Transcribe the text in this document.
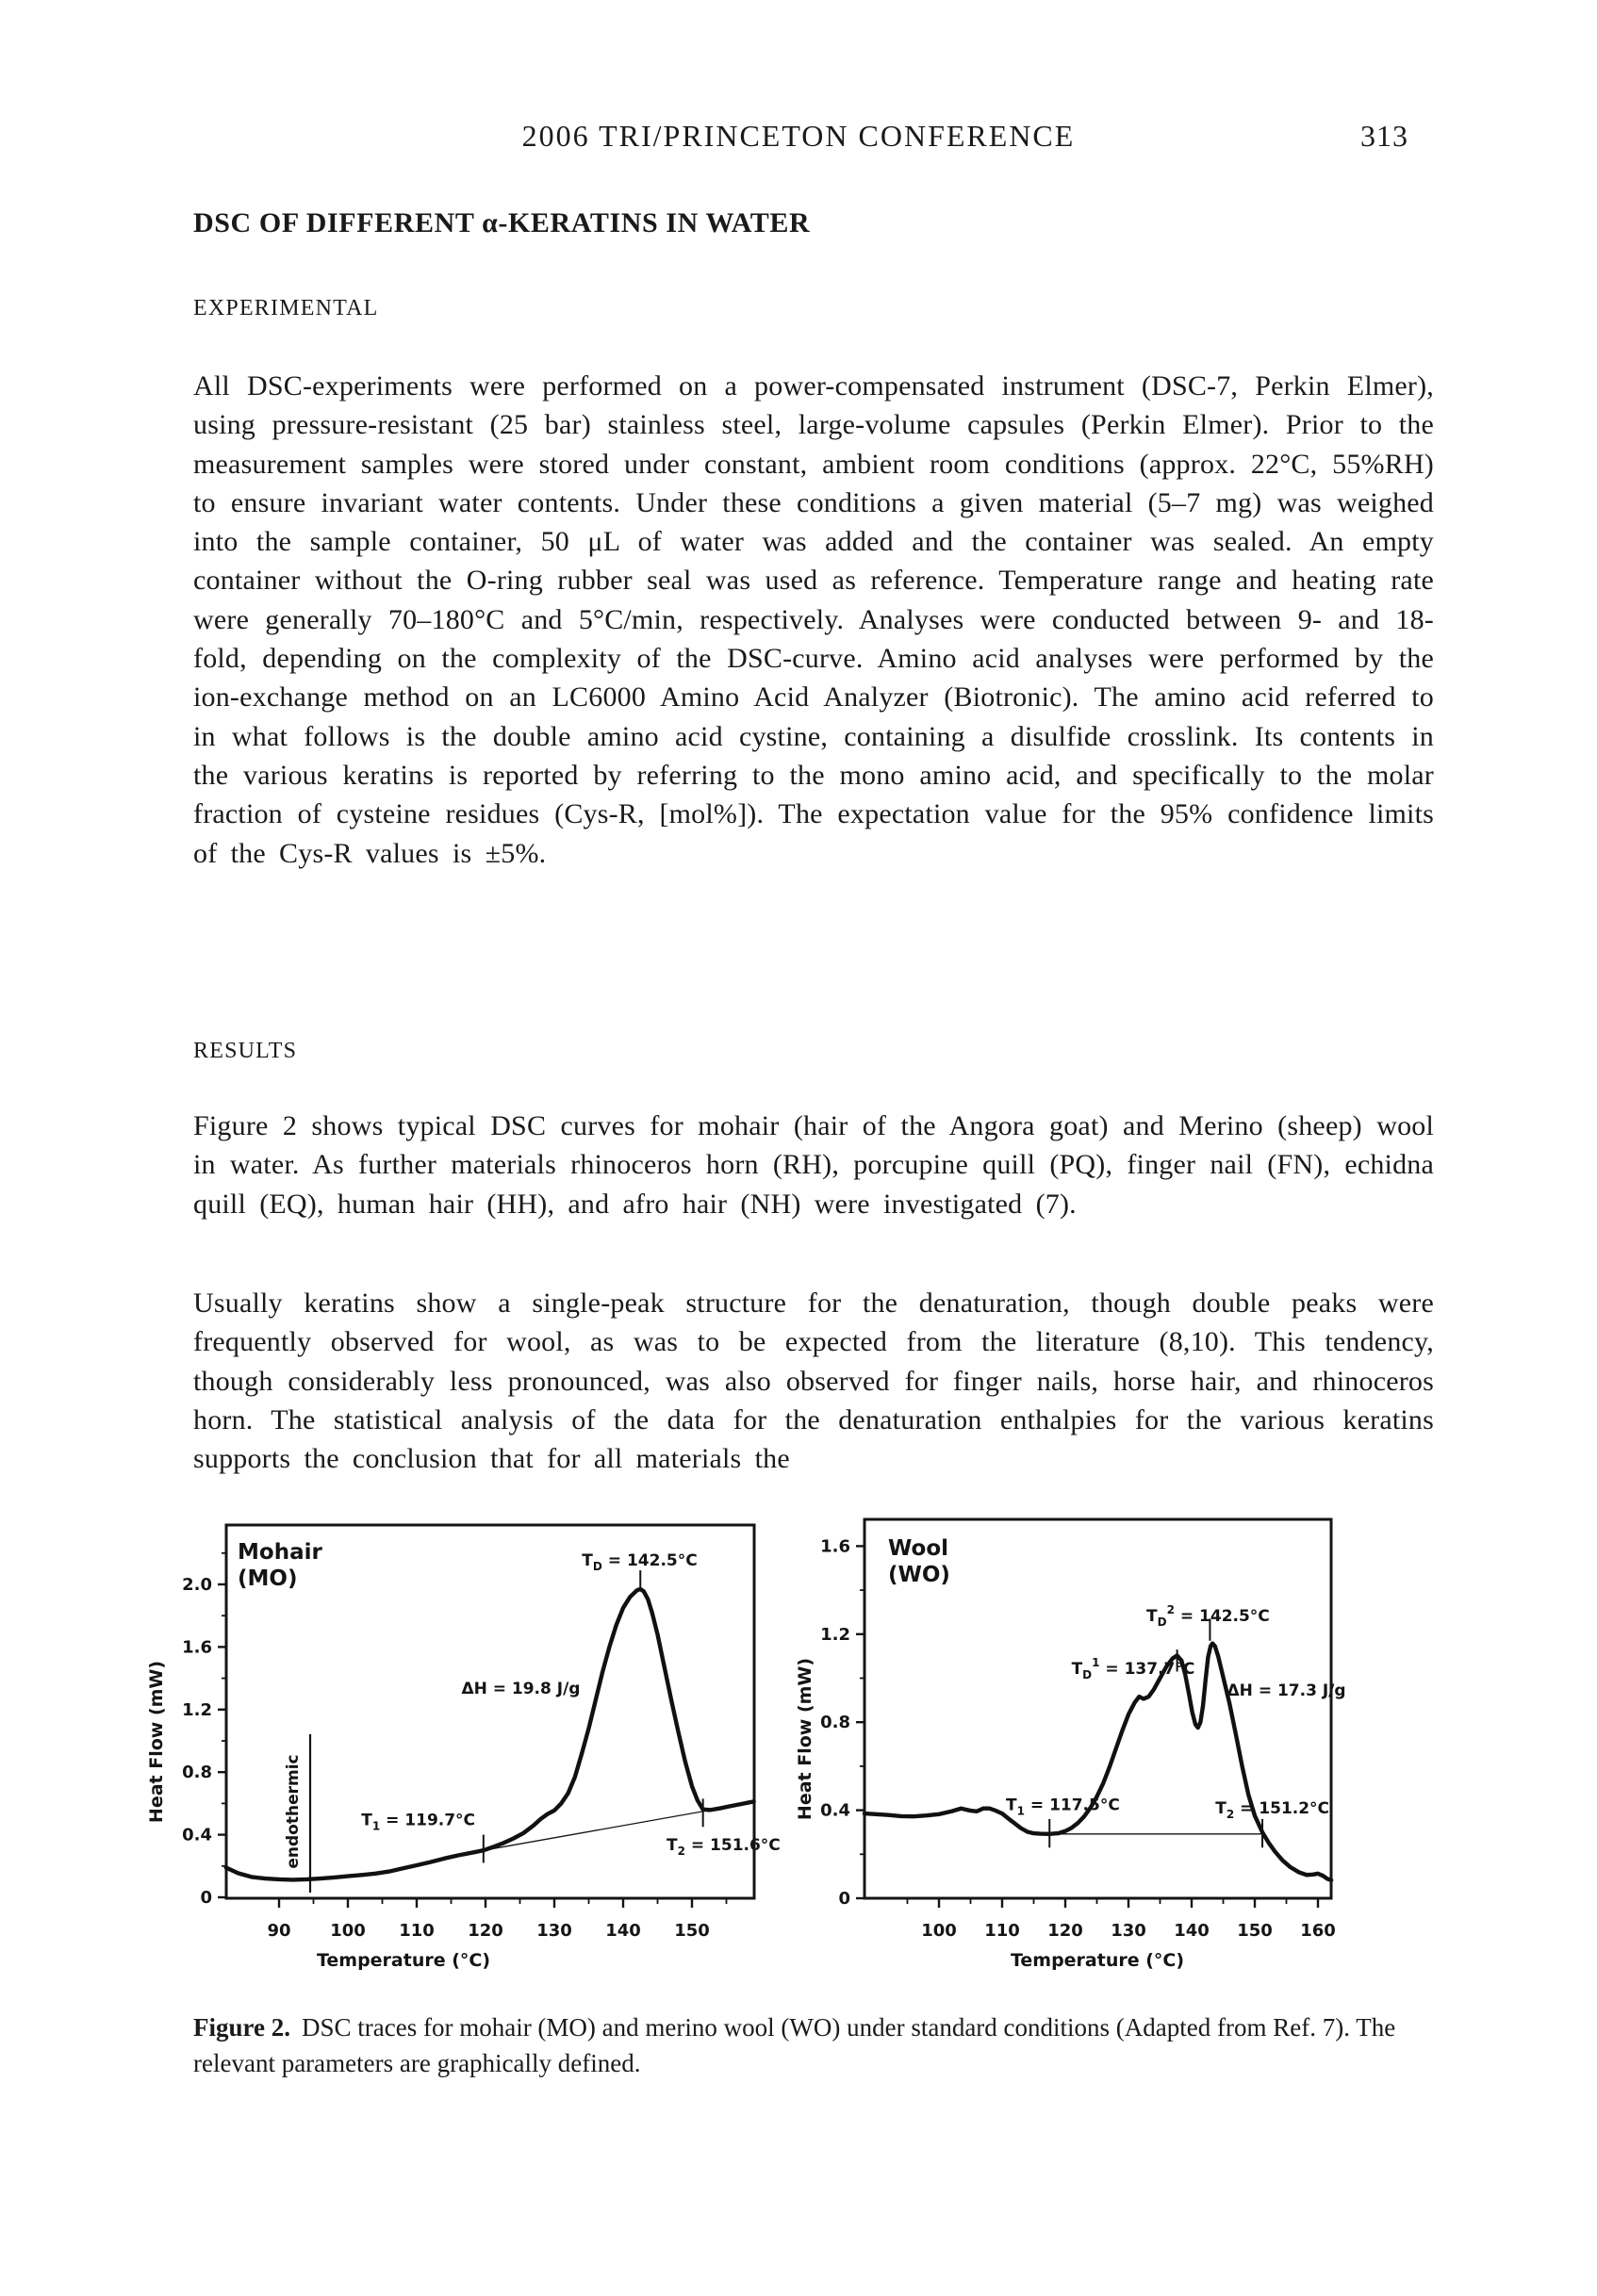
2006 TRI/PRINCETON CONFERENCE	313
DSC OF DIFFERENT α-KERATINS IN WATER
EXPERIMENTAL

All DSC-experiments were performed on a power-compensated instrument (DSC-7, Perkin Elmer), using pressure-resistant (25 bar) stainless steel, large-volume capsules (Perkin Elmer). Prior to the measurement samples were stored under constant, ambient room conditions (approx. 22°C, 55%RH) to ensure invariant water contents. Under these conditions a given material (5–7 mg) was weighed into the sample container, 50 μL of water was added and the container was sealed. An empty container without the O-ring rubber seal was used as reference. Temperature range and heating rate were generally 70–180°C and 5°C/min, respectively. Analyses were conducted between 9- and 18-fold, depending on the complexity of the DSC-curve. Amino acid analyses were performed by the ion-exchange method on an LC6000 Amino Acid Analyzer (Biotronic). The amino acid referred to in what follows is the double amino acid cystine, containing a disulfide crosslink. Its contents in the various keratins is reported by referring to the mono amino acid, and specifically to the molar fraction of cysteine residues (Cys-R, [mol%]). The expectation value for the 95% confidence limits of the Cys-R values is ±5%.

RESULTS

Figure 2 shows typical DSC curves for mohair (hair of the Angora goat) and Merino (sheep) wool in water. As further materials rhinoceros horn (RH), porcupine quill (PQ), finger nail (FN), echidna quill (EQ), human hair (HH), and afro hair (NH) were investigated (7).

Usually keratins show a single-peak structure for the denaturation, though double peaks were frequently observed for wool, as was to be expected from the literature (8,10). This tendency, though considerably less pronounced, was also observed for finger nails, horse hair, and rhinoceros horn. The statistical analysis of the data for the denaturation enthalpies for the various keratins supports the conclusion that for all materials the

2.0
1.6
1.2
0.8
0.4
0
90 100 110 120 130 140 150
Temperature (°C)
Heat Flow (mW)
Mohair
(MO)
endothermic
$T_D = 142.5^\circ C$
ΔH = 19.8 J/g
$T_1 = 119.7^\circ C$
$T_2 = 151.6^\circ C$
1.6
1.2
0.8
0.4
0
100 110 120 130 140 150 160
Temperature (°C)
Heat Flow (mW)
Wool
(WO)
$T_D^2 = 142.5^\circ C$
$T_D^1 = 137.7^\circ C$
ΔH = 17.3 J/g
$T_1 = 117.5^\circ C$	$T_2 = 151.2^\circ C$

Figure 2. DSC traces for mohair (MO) and merino wool (WO) under standard conditions (Adapted from Ref. 7). The relevant parameters are graphically defined.
